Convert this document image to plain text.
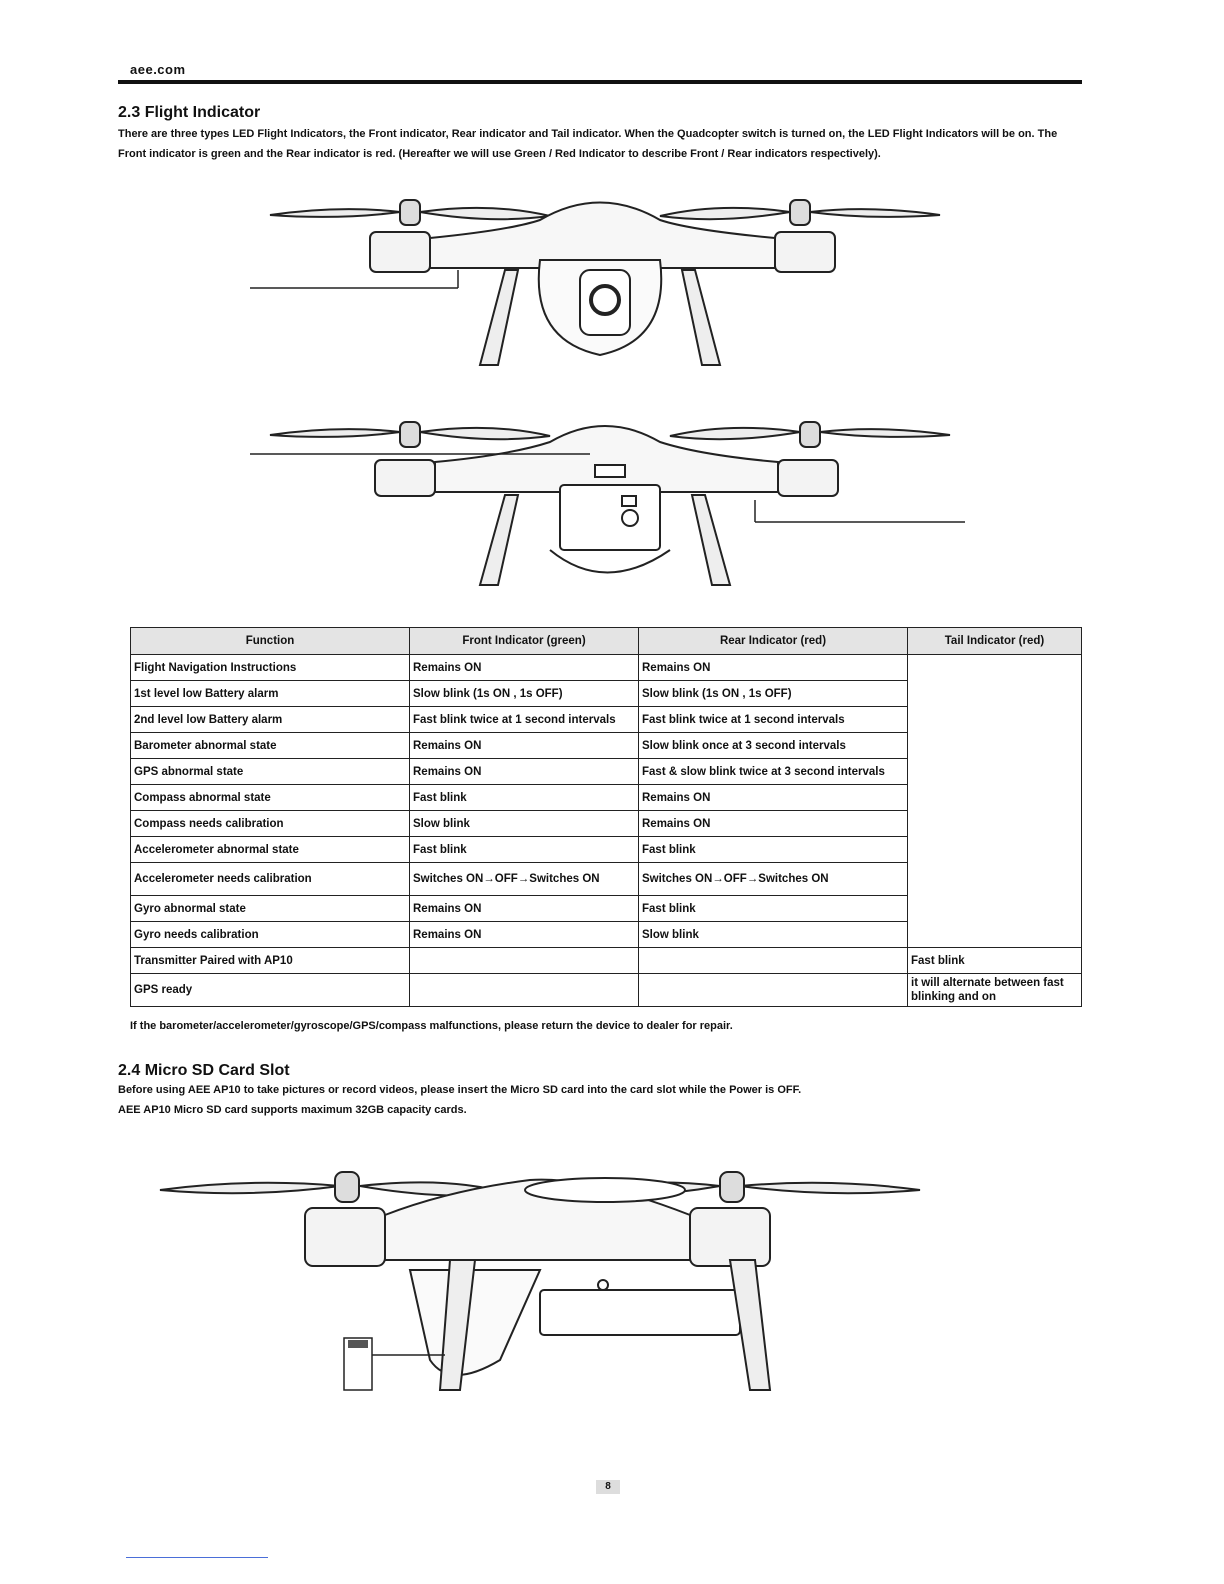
aee.com
2.3 Flight Indicator
There are three types LED Flight Indicators, the Front indicator, Rear indicator and Tail indicator. When the Quadcopter switch is turned on, the LED Flight Indicators will be on. The Front indicator is green and the Rear indicator is red. (Hereafter we will use Green / Red Indicator to describe Front / Rear indicators respectively).
Function	Front Indicator (green)	Rear Indicator (red)	Tail Indicator (red)
Flight Navigation Instructions	Remains ON	Remains ON	
1st level low Battery alarm	Slow blink (1s ON , 1s OFF)	Slow blink (1s ON , 1s OFF)	
2nd level low Battery alarm	Fast blink twice at 1 second intervals	Fast blink twice at 1 second intervals	
Barometer abnormal state	Remains ON	Slow blink once at 3 second intervals	
GPS abnormal state	Remains ON	Fast & slow blink twice at 3 second intervals	
Compass abnormal state	Fast blink	Remains ON	
Compass needs calibration	Slow blink	Remains ON	
Accelerometer abnormal state	Fast blink	Fast blink	
Accelerometer needs calibration	Switches ON→OFF→Switches ON	Switches ON→OFF→Switches ON	
Gyro abnormal state	Remains ON	Fast blink	
Gyro needs calibration	Remains ON	Slow blink	
Transmitter Paired with AP10			Fast blink
GPS ready			it will alternate between fast blinking and on
If the barometer/accelerometer/gyroscope/GPS/compass malfunctions, please return the device to dealer for repair.
2.4 Micro SD Card Slot
Before using AEE AP10 to take pictures or record videos, please insert the Micro SD card into the card slot while the Power is OFF.
AEE AP10 Micro SD card supports maximum 32GB capacity cards.
8
